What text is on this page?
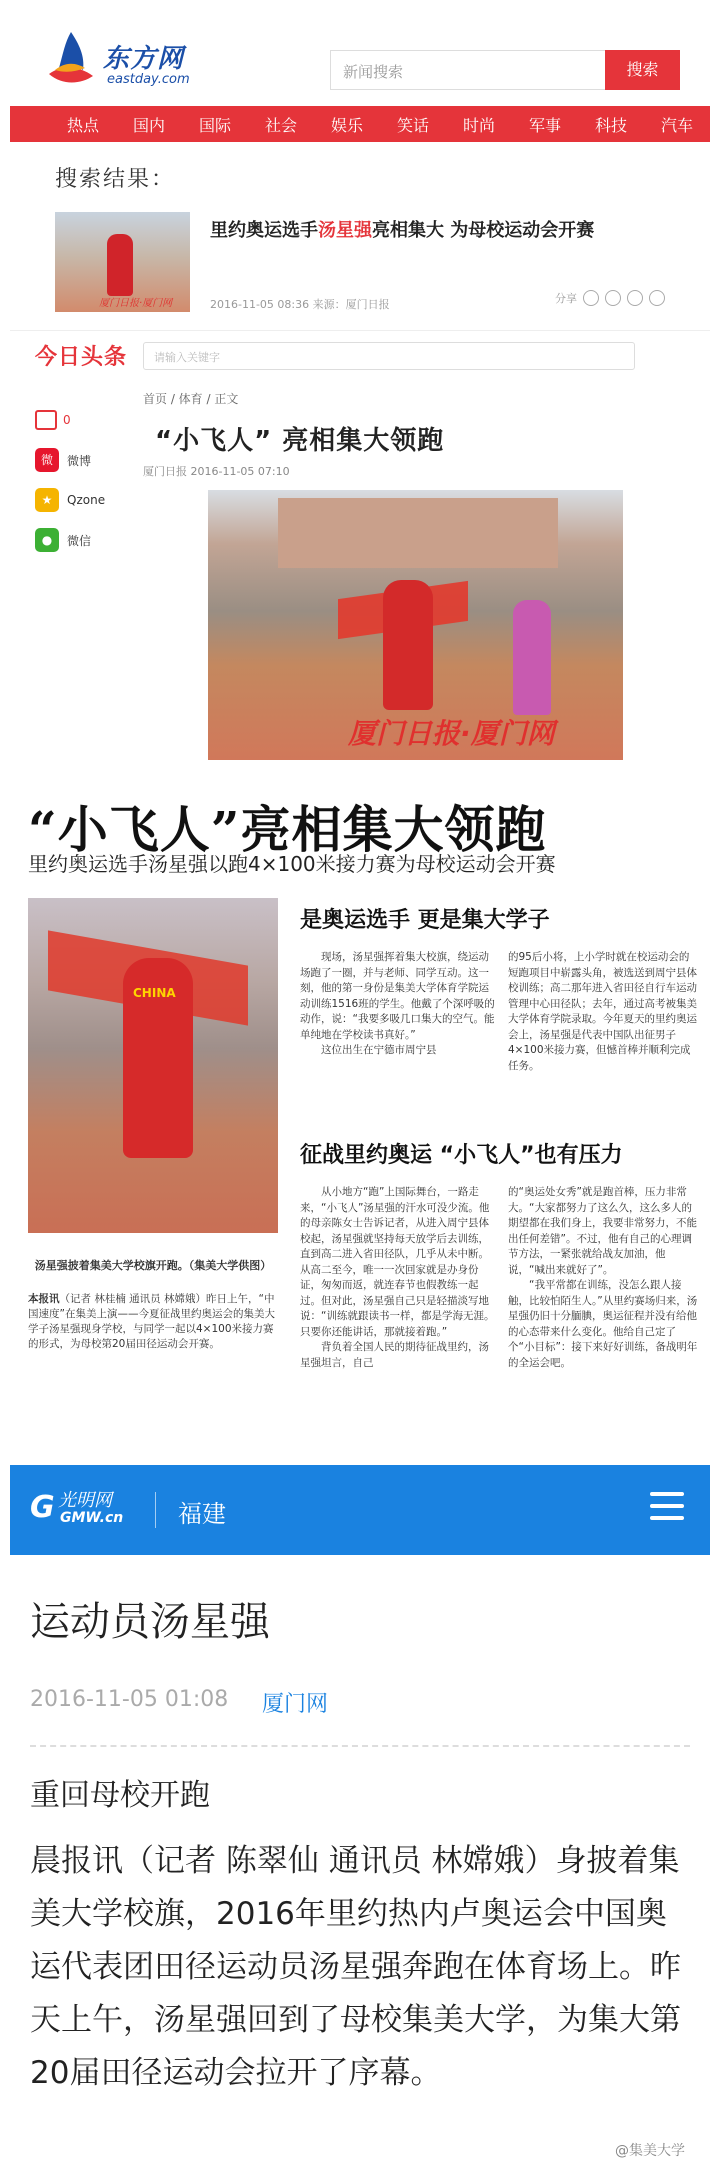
东方网
eastday.com	新闻搜索	搜索
热点 国内 国际 社会 娱乐 笑话 时尚 军事 科技 汽车
搜索结果：
厦门日报·厦门网
里约奥运选手汤星强亮相集大 为母校运动会开赛
2016-11-05 08:36 来源：厦门日报	分享
今日头条	请输入关键字
0
微	微博
★	Qzone
●	微信
首页 / 体育 / 正文
“小飞人” 亮相集大领跑
厦门日报 2016-11-05 07:10
厦门日报·厦门网
“小飞人”亮相集大领跑
里约奥运选手汤星强以跑4×100米接力赛为母校运动会开赛
CHINA
汤星强披着集美大学校旗开跑。（集美大学供图）
本报讯（记者 林桂楠 通讯员 林嫦娥）昨日上午，“中国速度”在集美上演——今夏征战里约奥运会的集美大学子汤星强现身学校，与同学一起以4×100米接力赛的形式，为母校第20届田径运动会开赛。
是奥运选手 更是集大学子

现场，汤星强挥着集大校旗，绕运动场跑了一圈，并与老师、同学互动。这一刻，他的第一身份是集美大学体育学院运动训练1516班的学生。他戴了个深呼吸的动作，说：“我要多吸几口集大的空气。能单纯地在学校读书真好。”

这位出生在宁德市周宁县

的95后小将，上小学时就在校运动会的短跑项目中崭露头角，被选送到周宁县体校训练；高二那年进入省田径自行车运动管理中心田径队；去年，通过高考被集美大学体育学院录取。今年夏天的里约奥运会上，汤星强是代表中国队出征男子4×100米接力赛，但憾首棒并顺利完成任务。

征战里约奥运 “小飞人”也有压力

从小地方“跑”上国际舞台，一路走来，“小飞人”汤星强的汗水可没少流。他的母亲陈女士告诉记者，从进入周宁县体校起，汤星强就坚持每天放学后去训练，直到高二进入省田径队，几乎从未中断。从高二至今，唯一一次回家就是办身份证，匆匆而返，就连春节也假教练一起过。但对此，汤星强自己只是轻描淡写地说：“训练就跟读书一样，都是学海无涯。只要你还能讲话，那就接着跑。”

背负着全国人民的期待征战里约，汤星强坦言，自己

的“奥运处女秀”就是跑首棒，压力非常大。“大家都努力了这么久，这么多人的期望都在我们身上，我要非常努力，不能出任何差错”。不过，他有自己的心理调节方法，一紧张就给战友加油，他说，“喊出来就好了”。

“我平常都在训练，没怎么跟人接触，比较怕陌生人。”从里约赛场归来，汤星强仍旧十分腼腆，奥运征程并没有给他的心态带来什么变化。他给自己定了个“小目标”：接下来好好训练，备战明年的全运会吧。

G 光明网
GMW.cn 福建
运动员汤星强
2016-11-05 01:08 厦门网
重回母校开跑
晨报讯（记者 陈翠仙 通讯员 林嫦娥）身披着集美大学校旗，2016年里约热内卢奥运会中国奥运代表团田径运动员汤星强奔跑在体育场上。昨天上午，汤星强回到了母校集美大学，为集大第20届田径运动会拉开了序幕。
@集美大学
